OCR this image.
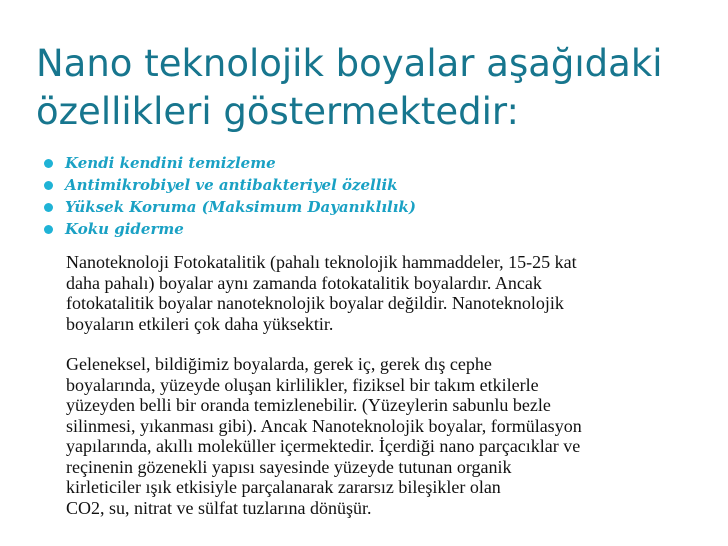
Nano teknolojik boyalar aşağıdaki özellikleri göstermektedir:
Kendi kendini temizleme
Antimikrobiyel ve antibakteriyel özellik
Yüksek Koruma (Maksimum Dayanıklılık)
Koku giderme

Nanoteknoloji Fotokatalitik (pahalı teknolojik hammaddeler, 15-25 kat
daha pahalı) boyalar aynı zamanda fotokatalitik boyalardır. Ancak
fotokatalitik boyalar nanoteknolojik boyalar değildir. Nanoteknolojik
boyaların etkileri çok daha yüksektir.

Geleneksel, bildiğimiz boyalarda, gerek iç, gerek dış cephe
boyalarında, yüzeyde oluşan kirlilikler, fiziksel bir takım etkilerle
yüzeyden belli bir oranda temizlenebilir. (Yüzeylerin sabunlu bezle
silinmesi, yıkanması gibi). Ancak Nanoteknolojik boyalar, formülasyon
yapılarında, akıllı moleküller içermektedir. İçerdiği nano parçacıklar ve
reçinenin gözenekli yapısı sayesinde yüzeyde tutunan organik
kirleticiler ışık etkisiyle parçalanarak zararsız bileşikler olan
CO2, su, nitrat ve sülfat tuzlarına dönüşür.
